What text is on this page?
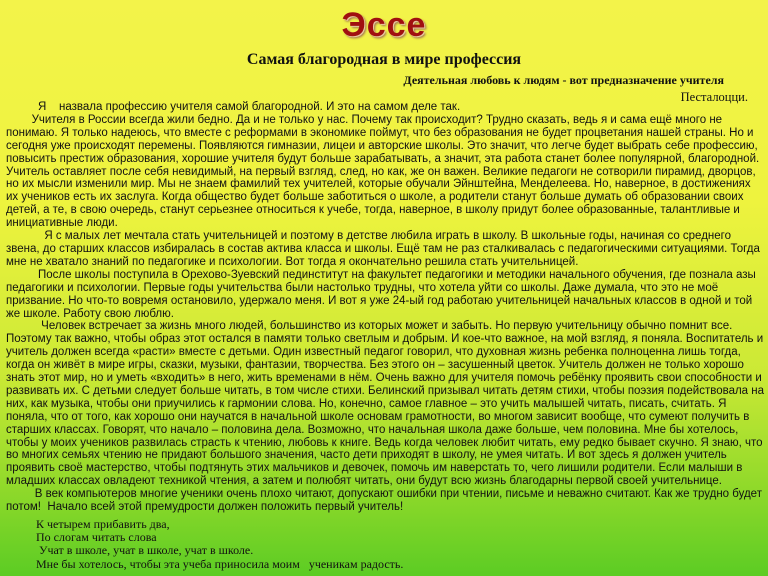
Эссе
Самая благородная в мире профессия
Деятельная любовь к людям - вот предназначение учителя
Песталоцци.

Я    назвала профессию учителя самой благородной. И это на самом деле так.

Учителя в России всегда жили бедно. Да и не только у нас. Почему так происходит? Трудно сказать, ведь я и сама ещё много не понимаю. Я только надеюсь, что вместе с реформами в экономике поймут, что без образования не будет процветания нашей страны. Но и сегодня уже происходят перемены. Появляются гимназии, лицеи и авторские школы. Это значит, что легче будет выбрать себе профессию, повысить престиж образования, хорошие учителя будут больше зарабатывать, а значит, эта работа станет более популярной, благородной. Учитель оставляет после себя невидимый, на первый взгляд, след, но как, же он важен. Великие педагоги не сотворили пирамид, дворцов, но их мысли изменили мир. Мы не знаем фамилий тех учителей, которые обучали Эйнштейна, Менделеева. Но, наверное, в достижениях их учеников есть их заслуга. Когда общество будет больше заботиться о школе, а родители станут больше думать об образовании своих детей, а те, в свою очередь, станут серьезнее относиться к учебе, тогда, наверное, в школу придут более образованные, талантливые и инициативные люди.

Я с малых лет мечтала стать учительницей и поэтому в детстве любила играть в школу. В школьные годы, начиная со среднего звена, до старших классов избиралась в состав актива класса и школы. Ещё там не раз сталкивалась с педагогическими ситуациями. Тогда мне не хватало знаний по педагогике и психологии. Вот тогда я окончательно решила стать учительницей.

После школы поступила в Орехово-Зуевский пединститут на факультет педагогики и методики начального обучения, где познала азы педагогики и психологии. Первые годы учительства были настолько трудны, что хотела уйти со школы. Даже думала, что это не моё призвание. Но что-то вовремя остановило, удержало меня. И вот я уже 24-ый год работаю учительницей начальных классов в одной и той же школе. Работу свою люблю.

Человек встречает за жизнь много людей, большинство из которых может и забыть. Но первую учительницу обычно помнит все. Поэтому так важно, чтобы образ этот остался в памяти только светлым и добрым. И кое-что важное, на мой взгляд, я поняла. Воспитатель и учитель должен всегда «расти» вместе с детьми. Один известный педагог говорил, что духовная жизнь ребенка полноценна лишь тогда, когда он живёт в мире игры, сказки, музыки, фантазии, творчества. Без этого он – засушенный цветок. Учитель должен не только хорошо знать этот мир, но и уметь «входить» в него, жить временами в нём. Очень важно для учителя помочь ребёнку проявить свои способности и развивать их. С детьми следует больше читать, в том числе стихи. Белинский призывал читать детям стихи, чтобы поэзия подействовала на них, как музыка, чтобы они приучились к гармонии слова. Но, конечно, самое главное – это учить малышей читать, писать, считать. Я поняла, что от того, как хорошо они научатся в начальной школе основам грамотности, во многом зависит вообще, что сумеют получить в старших классах. Говорят, что начало – половина дела. Возможно, что начальная школа даже больше, чем половина. Мне бы хотелось, чтобы у моих учеников развилась страсть к чтению, любовь к книге. Ведь когда человек любит читать, ему редко бывает скучно. Я знаю, что во многих семьях чтению не придают большого значения, часто дети приходят в школу, не умея читать. И вот здесь я должен учитель проявить своё мастерство, чтобы подтянуть этих мальчиков и девочек, помочь им наверстать то, чего лишили родители. Если малыши в младших классах овладеют техникой чтения, а затем и полюбят читать, они будут всю жизнь благодарны первой своей учительнице.

В век компьютеров многие ученики очень плохо читают, допускают ошибки при чтении, письме и неважно считают. Как же трудно будет потом!  Начало всей этой премудрости должен положить первый учитель!

К четырем прибавить два,

По слогам читать слова

Учат в школе, учат в школе, учат в школе.

Мне бы хотелось, чтобы эта учеба приносила моим   ученикам радость.
